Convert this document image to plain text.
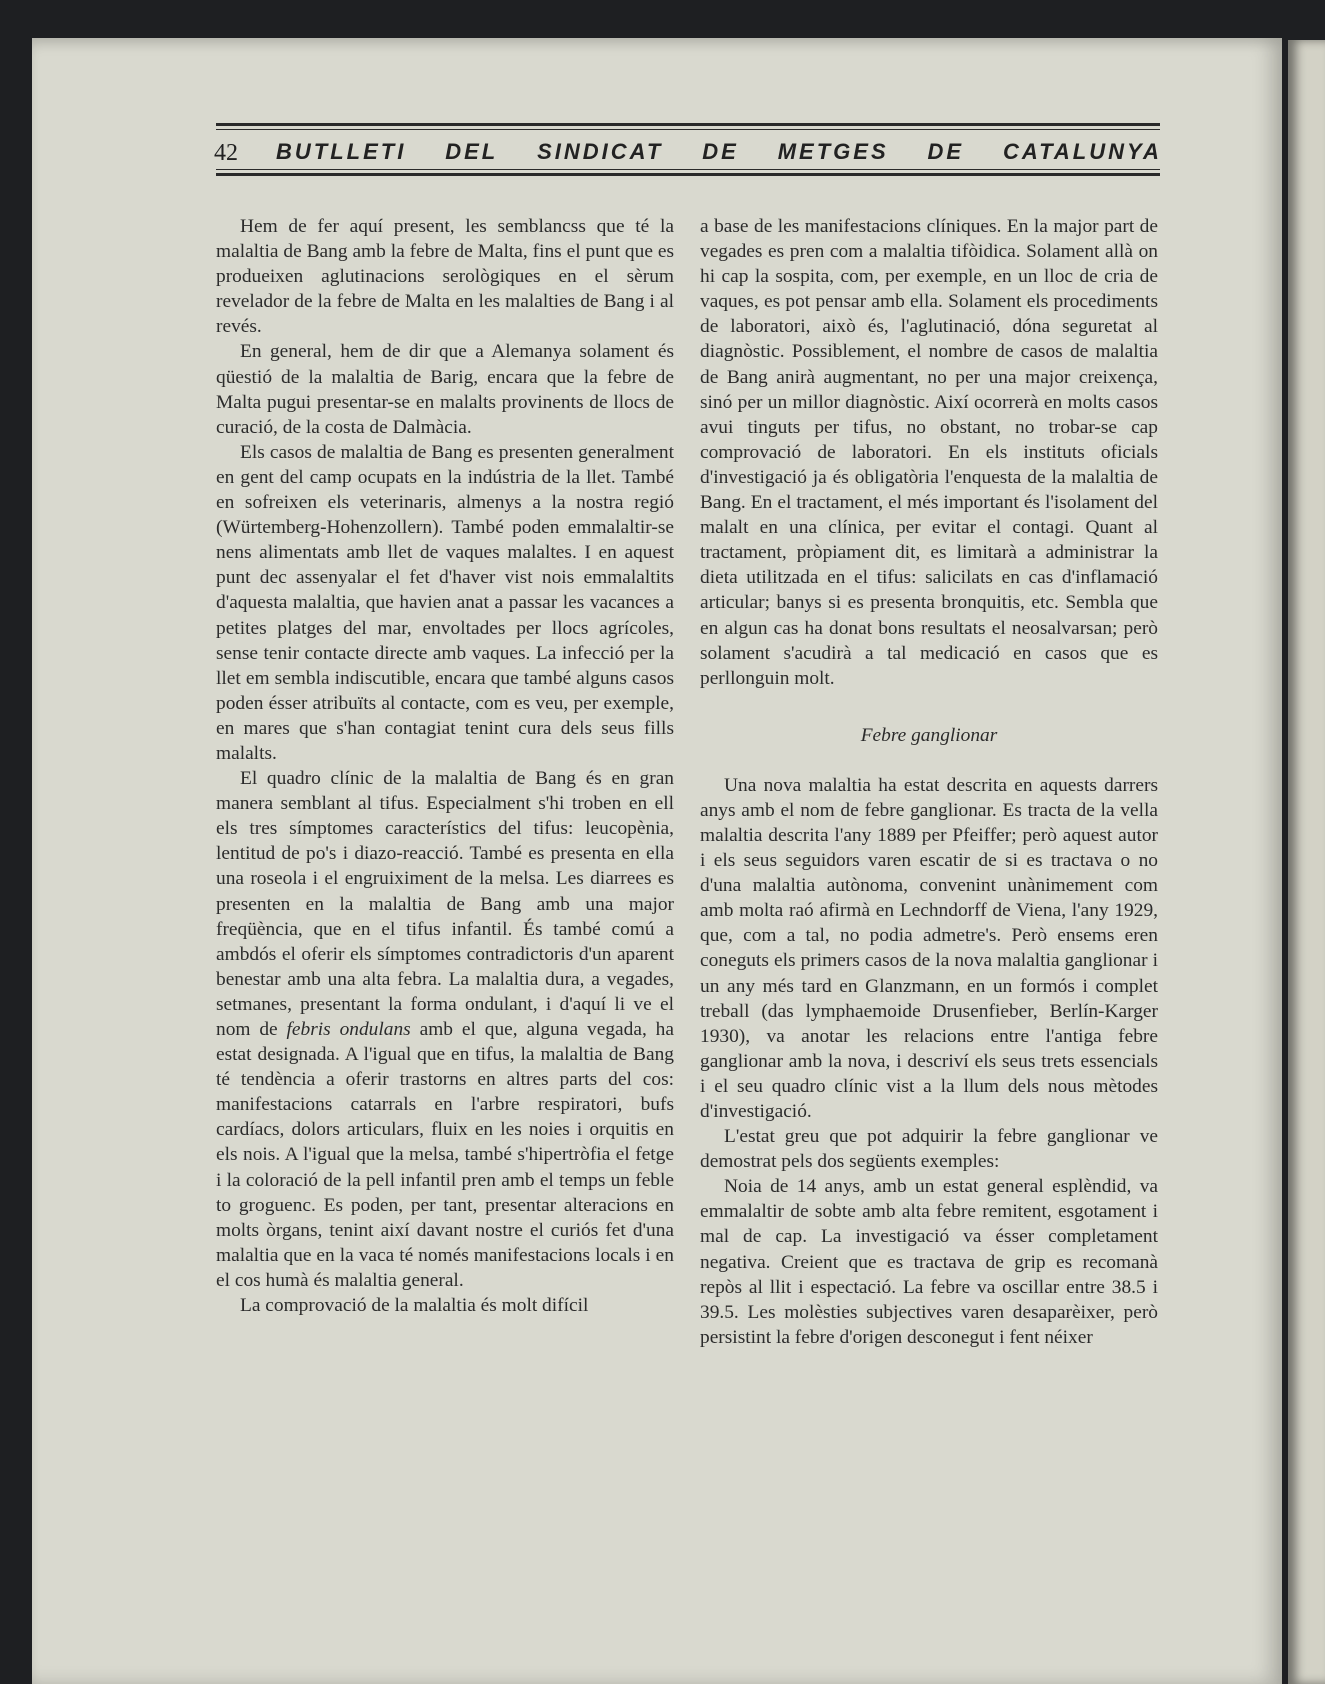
42 BUTLLETI DEL SINDICAT DE METGES DE CATALUNYA

Hem de fer aquí present, les semblancss que té la malaltia de Bang amb la febre de Malta, fins el punt que es produeixen aglutinacions serològiques en el sèrum revelador de la febre de Malta en les malalties de Bang i al revés.

En general, hem de dir que a Alemanya solament és qüestió de la malaltia de Barig, encara que la febre de Malta pugui presentar-se en malalts provinents de llocs de curació, de la costa de Dalmàcia.

Els casos de malaltia de Bang es presenten generalment en gent del camp ocupats en la indústria de la llet. També en sofreixen els veterinaris, almenys a la nostra regió (Würtemberg-Hohenzollern). També poden emmalaltir-se nens alimentats amb llet de vaques malaltes. I en aquest punt dec assenyalar el fet d'haver vist nois emmalaltits d'aquesta malaltia, que havien anat a passar les vacances a petites platges del mar, envoltades per llocs agrícoles, sense tenir contacte directe amb vaques. La infecció per la llet em sembla indiscutible, encara que també alguns casos poden ésser atribuïts al contacte, com es veu, per exemple, en mares que s'han contagiat tenint cura dels seus fills malalts.

El quadro clínic de la malaltia de Bang és en gran manera semblant al tifus. Especialment s'hi troben en ell els tres símptomes característics del tifus: leucopènia, lentitud de po's i diazo-reacció. També es presenta en ella una roseola i el engruiximent de la melsa. Les diarrees es presenten en la malaltia de Bang amb una major freqüència, que en el tifus infantil. És també comú a ambdós el oferir els símptomes contradictoris d'un aparent benestar amb una alta febra. La malaltia dura, a vegades, setmanes, presentant la forma ondulant, i d'aquí li ve el nom de febris ondulans amb el que, alguna vegada, ha estat designada. A l'igual que en tifus, la malaltia de Bang té tendència a oferir trastorns en altres parts del cos: manifestacions catarrals en l'arbre respiratori, bufs cardíacs, dolors articulars, fluix en les noies i orquitis en els nois. A l'igual que la melsa, també s'hipertròfia el fetge i la coloració de la pell infantil pren amb el temps un feble to groguenc. Es poden, per tant, presentar alteracions en molts òrgans, tenint així davant nostre el curiós fet d'una malaltia que en la vaca té només manifestacions locals i en el cos humà és malaltia general.

La comprovació de la malaltia és molt difícil

a base de les manifestacions clíniques. En la major part de vegades es pren com a malaltia tifòidica. Solament allà on hi cap la sospita, com, per exemple, en un lloc de cria de vaques, es pot pensar amb ella. Solament els procediments de laboratori, això és, l'aglutinació, dóna seguretat al diagnòstic. Possiblement, el nombre de casos de malaltia de Bang anirà augmentant, no per una major creixença, sinó per un millor diagnòstic. Així ocorrerà en molts casos avui tinguts per tifus, no obstant, no trobar-se cap comprovació de laboratori. En els instituts oficials d'investigació ja és obligatòria l'enquesta de la malaltia de Bang. En el tractament, el més important és l'isolament del malalt en una clínica, per evitar el contagi. Quant al tractament, pròpiament dit, es limitarà a administrar la dieta utilitzada en el tifus: salicilats en cas d'inflamació articular; banys si es presenta bronquitis, etc. Sembla que en algun cas ha donat bons resultats el neosalvarsan; però solament s'acudirà a tal medicació en casos que es perllonguin molt.

Febre ganglionar

Una nova malaltia ha estat descrita en aquests darrers anys amb el nom de febre ganglionar. Es tracta de la vella malaltia descrita l'any 1889 per Pfeiffer; però aquest autor i els seus seguidors varen escatir de si es tractava o no d'una malaltia autònoma, convenint unànimement com amb molta raó afirmà en Lechndorff de Viena, l'any 1929, que, com a tal, no podia admetre's. Però ensems eren coneguts els primers casos de la nova malaltia ganglionar i un any més tard en Glanzmann, en un formós i complet treball (das lymphaemoide Drusenfieber, Berlín-Karger 1930), va anotar les relacions entre l'antiga febre ganglionar amb la nova, i descriví els seus trets essencials i el seu quadro clínic vist a la llum dels nous mètodes d'investigació.

L'estat greu que pot adquirir la febre ganglionar ve demostrat pels dos següents exemples:

Noia de 14 anys, amb un estat general esplèndid, va emmalaltir de sobte amb alta febre remitent, esgotament i mal de cap. La investigació va ésser completament negativa. Creient que es tractava de grip es recomanà repòs al llit i espectació. La febre va oscillar entre 38.5 i 39.5. Les molèsties subjectives varen desaparèixer, però persistint la febre d'origen desconegut i fent néixer
